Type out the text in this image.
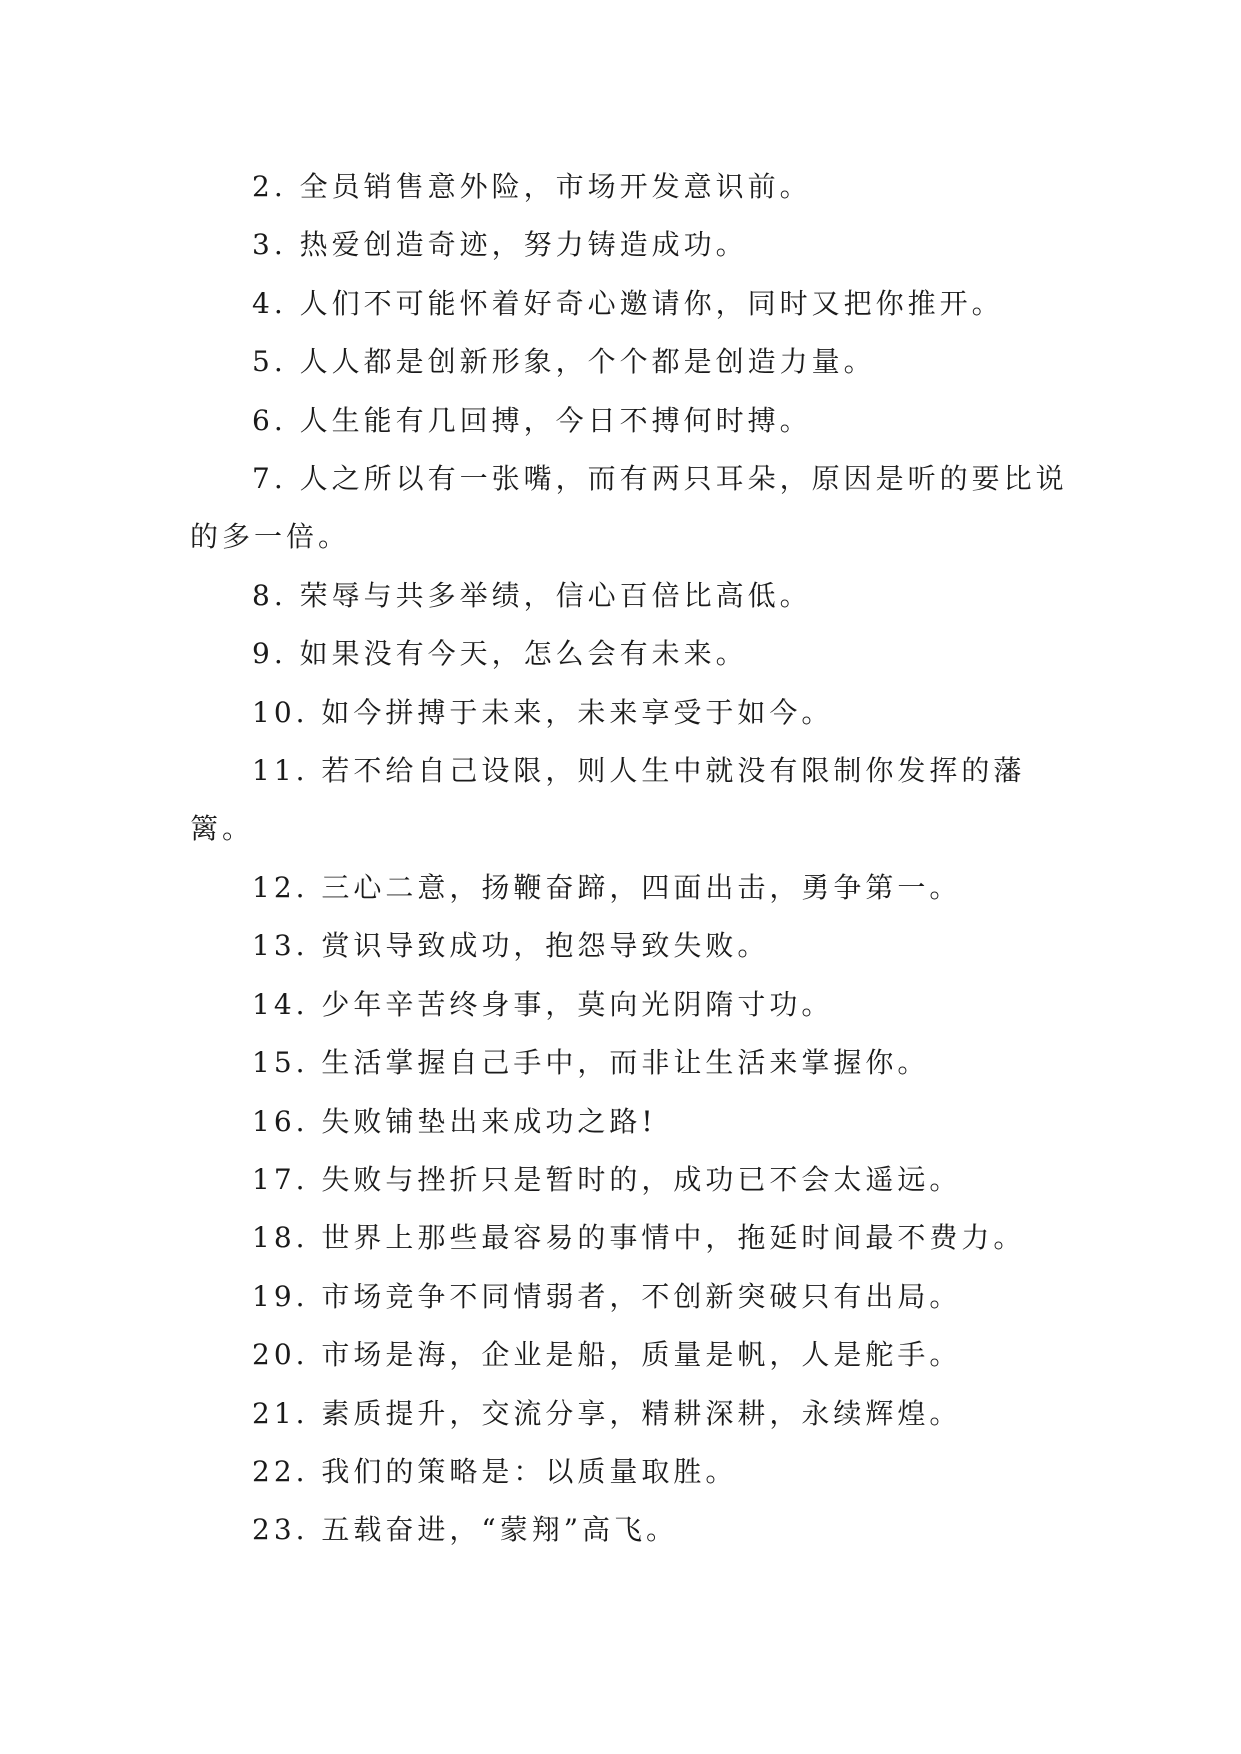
2. 全员销售意外险，市场开发意识前。
3. 热爱创造奇迹，努力铸造成功。
4. 人们不可能怀着好奇心邀请你，同时又把你推开。
5. 人人都是创新形象，个个都是创造力量。
6. 人生能有几回搏，今日不搏何时搏。
7. 人之所以有一张嘴，而有两只耳朵，原因是听的要比说的多一倍。
8. 荣辱与共多举绩，信心百倍比高低。
9. 如果没有今天，怎么会有未来。
10. 如今拼搏于未来，未来享受于如今。
11. 若不给自己设限，则人生中就没有限制你发挥的藩篱。
12. 三心二意，扬鞭奋蹄，四面出击，勇争第一。
13. 赏识导致成功，抱怨导致失败。
14. 少年辛苦终身事，莫向光阴隋寸功。
15. 生活掌握自己手中，而非让生活来掌握你。
16. 失败铺垫出来成功之路!
17. 失败与挫折只是暂时的，成功已不会太遥远。
18. 世界上那些最容易的事情中，拖延时间最不费力。
19. 市场竞争不同情弱者，不创新突破只有出局。
20. 市场是海，企业是船，质量是帆，人是舵手。
21. 素质提升，交流分享，精耕深耕，永续辉煌。
22. 我们的策略是：以质量取胜。
23. 五载奋进，“蒙翔”高飞。
